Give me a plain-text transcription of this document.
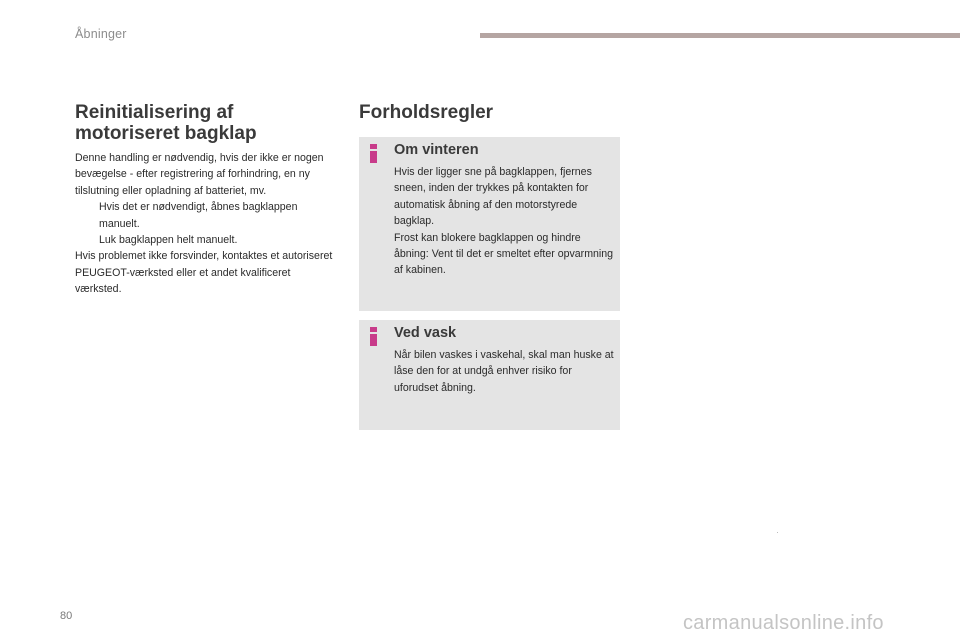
Åbninger
Reinitialisering af
motoriseret bagklap

Denne handling er nødvendig, hvis der ikke er nogen bevægelse - efter registrering af forhindring, en ny tilslutning eller opladning af batteriet, mv.

Hvis det er nødvendigt, åbnes bagklappen manuelt.

Luk bagklappen helt manuelt.

Hvis problemet ikke forsvinder, kontaktes et autoriseret PEUGEOT-værksted eller et andet kvalificeret værksted.

Forholdsregler
Om vinteren

Hvis der ligger sne på bagklappen, fjernes sneen, inden der trykkes på kontakten for automatisk åbning af den motorstyrede bagklap.

Frost kan blokere bagklappen og hindre åbning: Vent til det er smeltet efter opvarmning af kabinen.

Ved vask

Når bilen vaskes i vaskehal, skal man huske at låse den for at undgå enhver risiko for uforudset åbning.

80	carmanualsonline.info
